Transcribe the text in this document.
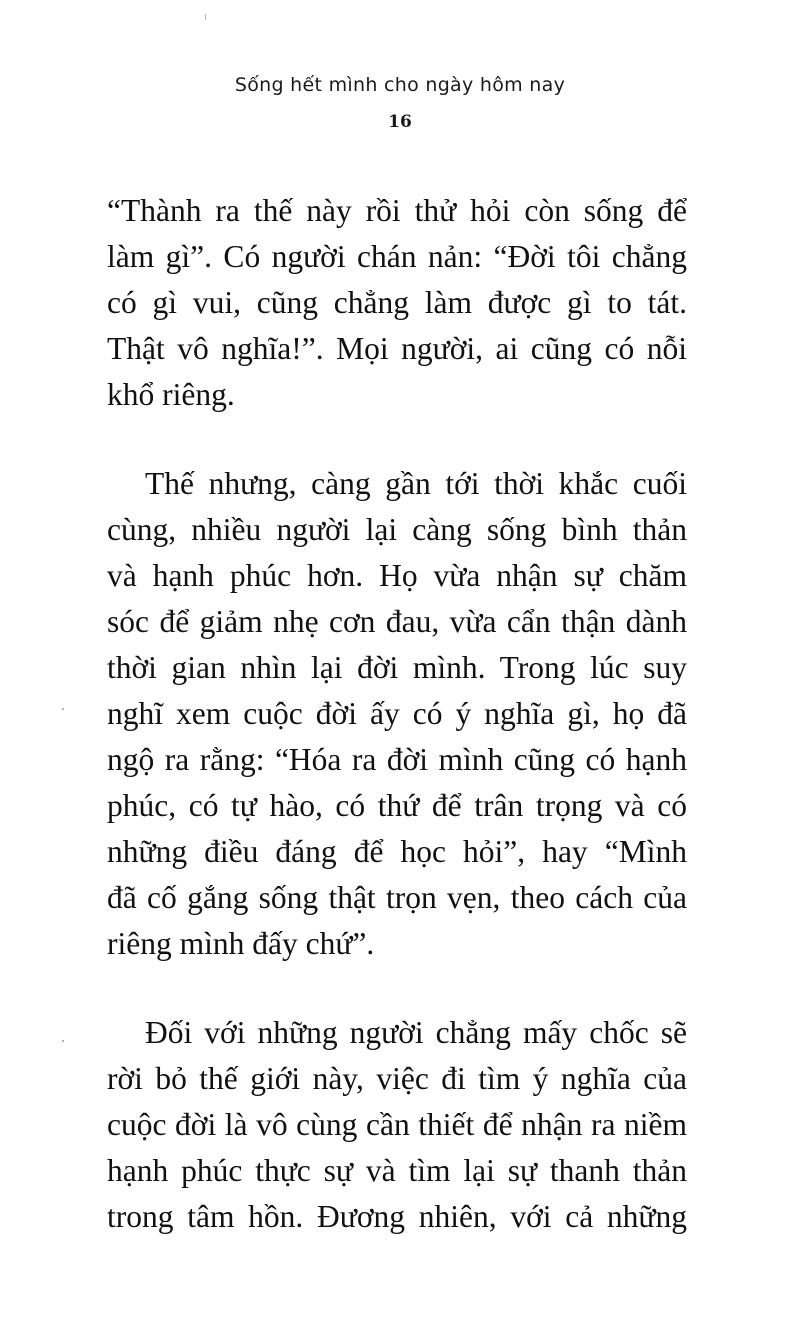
Sống hết mình cho ngày hôm nay
16

“Thành ra thế này rồi thử hỏi còn sống để
làm gì”. Có người chán nản: “Đời tôi chẳng
có gì vui, cũng chẳng làm được gì to tát.
Thật vô nghĩa!”. Mọi người, ai cũng có nỗi
khổ riêng.

Thế nhưng, càng gần tới thời khắc cuối
cùng, nhiều người lại càng sống bình thản
và hạnh phúc hơn. Họ vừa nhận sự chăm
sóc để giảm nhẹ cơn đau, vừa cẩn thận dành
thời gian nhìn lại đời mình. Trong lúc suy
nghĩ xem cuộc đời ấy có ý nghĩa gì, họ đã
ngộ ra rằng: “Hóa ra đời mình cũng có hạnh
phúc, có tự hào, có thứ để trân trọng và có
những điều đáng để học hỏi”, hay “Mình
đã cố gắng sống thật trọn vẹn, theo cách của
riêng mình đấy chứ”.

Đối với những người chẳng mấy chốc sẽ
rời bỏ thế giới này, việc đi tìm ý nghĩa của
cuộc đời là vô cùng cần thiết để nhận ra niềm
hạnh phúc thực sự và tìm lại sự thanh thản
trong tâm hồn. Đương nhiên, với cả những
